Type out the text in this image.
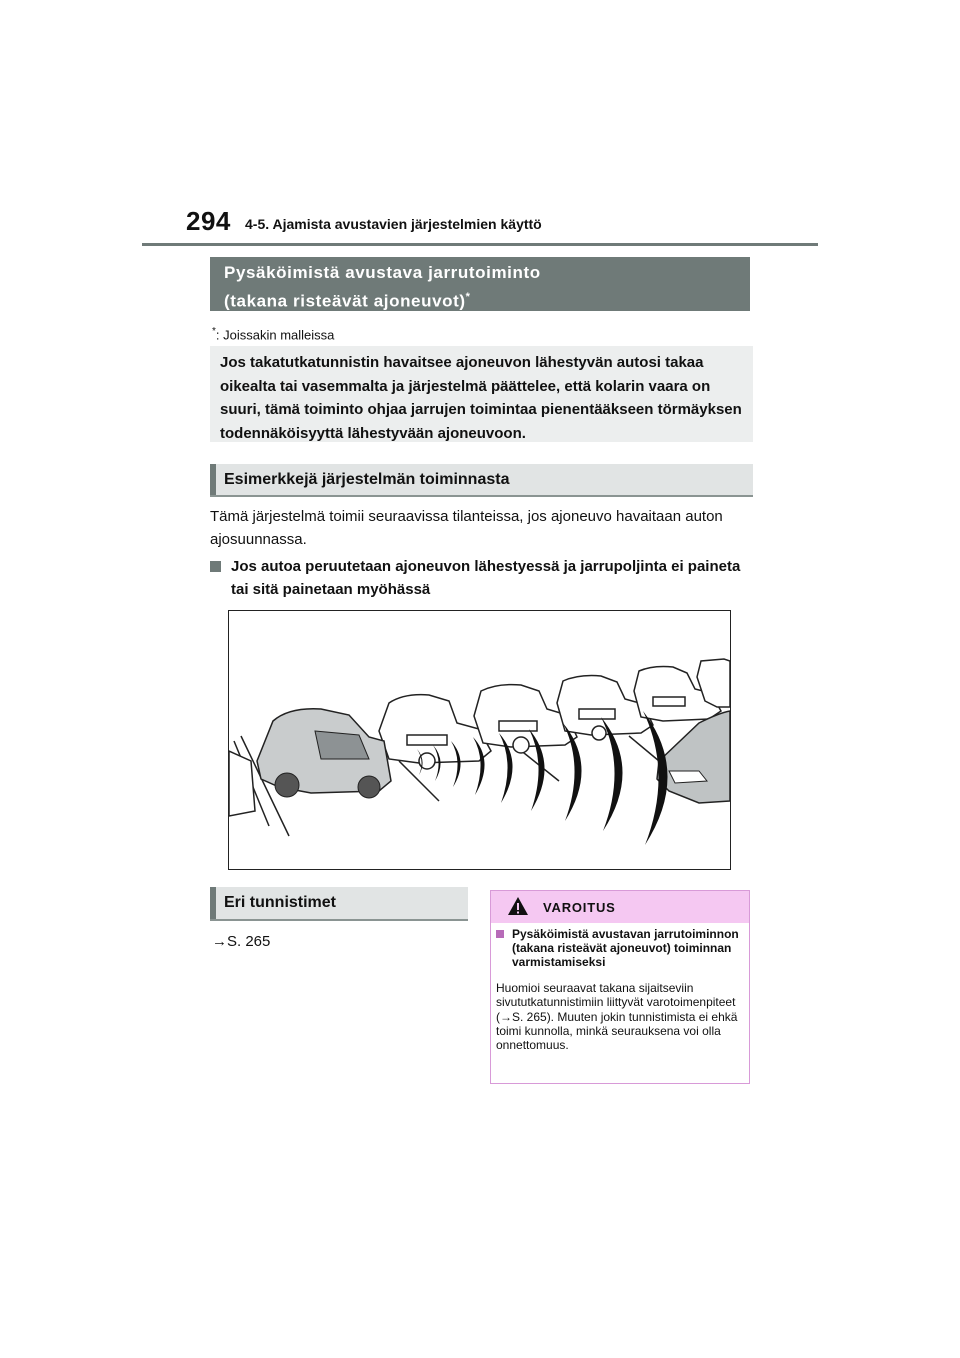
294 4-5. Ajamista avustavien järjestelmien käyttö
Pysäköimistä avustava jarrutoiminto
(takana risteävät ajoneuvot)*
*: Joissakin malleissa
Jos takatutkatunnistin havaitsee ajoneuvon lähestyvän autosi takaa oikealta tai vasemmalta ja järjestelmä päättelee, että kolarin vaara on suuri, tämä toiminto ohjaa jarrujen toimintaa pienentääkseen törmäyksen todennäköisyyttä lähestyvään ajoneuvoon.
Esimerkkejä järjestelmän toiminnasta
Tämä järjestelmä toimii seuraavissa tilanteissa, jos ajoneuvo havaitaan auton ajosuunnassa.
Jos autoa peruutetaan ajoneuvon lähestyessä ja jarrupoljinta ei paineta tai sitä painetaan myöhässä
Eri tunnistimet
→S. 265
VAROITUS
Pysäköimistä avustavan jarrutoiminnon (takana risteävät ajoneuvot) toiminnan varmistamiseksi
Huomioi seuraavat takana sijaitseviin sivututkatunnistimiin liittyvät varotoimenpiteet (→S. 265). Muuten jokin tunnistimista ei ehkä toimi kunnolla, minkä seurauksena voi olla onnettomuus.
